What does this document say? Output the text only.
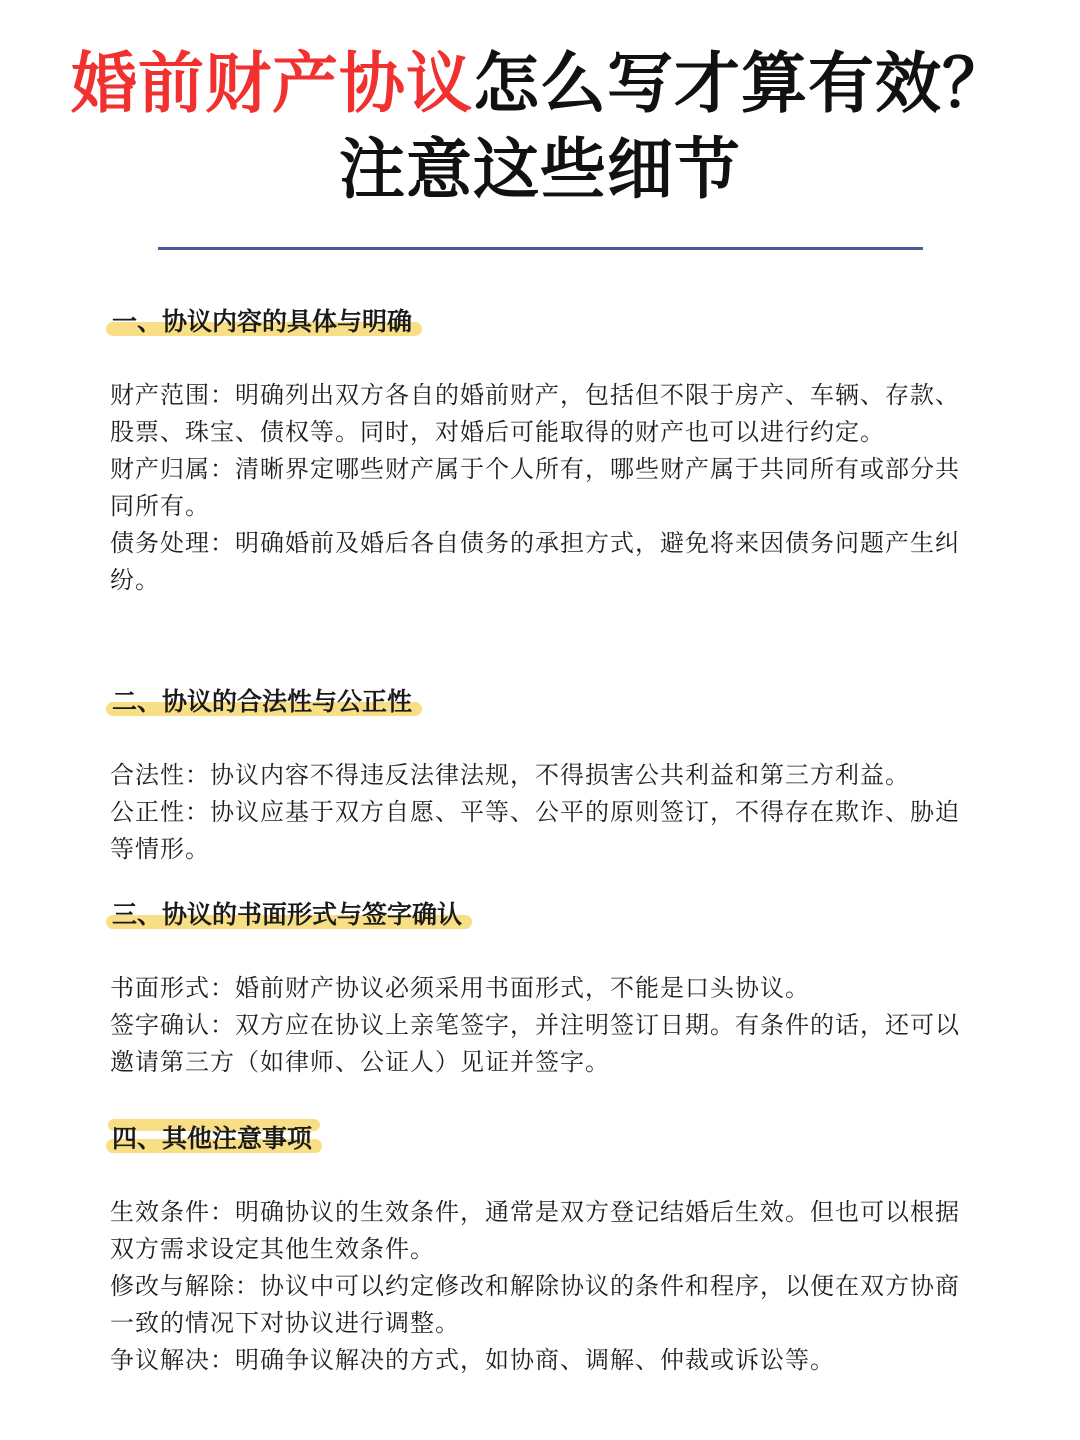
婚前财产协议怎么写才算有效？
注意这些细节
一、协议内容的具体与明确

财产范围：明确列出双方各自的婚前财产，包括但不限于房产、车辆、存款、股票、珠宝、债权等。同时，对婚后可能取得的财产也可以进行约定。

财产归属：清晰界定哪些财产属于个人所有，哪些财产属于共同所有或部分共同所有。

债务处理：明确婚前及婚后各自债务的承担方式，避免将来因债务问题产生纠纷。

二、协议的合法性与公正性

合法性：协议内容不得违反法律法规，不得损害公共利益和第三方利益。

公正性：协议应基于双方自愿、平等、公平的原则签订，不得存在欺诈、胁迫等情形。

三、协议的书面形式与签字确认

书面形式：婚前财产协议必须采用书面形式，不能是口头协议。

签字确认：双方应在协议上亲笔签字，并注明签订日期。有条件的话，还可以邀请第三方（如律师、公证人）见证并签字。

四、其他注意事项

生效条件：明确协议的生效条件，通常是双方登记结婚后生效。但也可以根据双方需求设定其他生效条件。

修改与解除：协议中可以约定修改和解除协议的条件和程序，以便在双方协商一致的情况下对协议进行调整。

争议解决：明确争议解决的方式，如协商、调解、仲裁或诉讼等。
